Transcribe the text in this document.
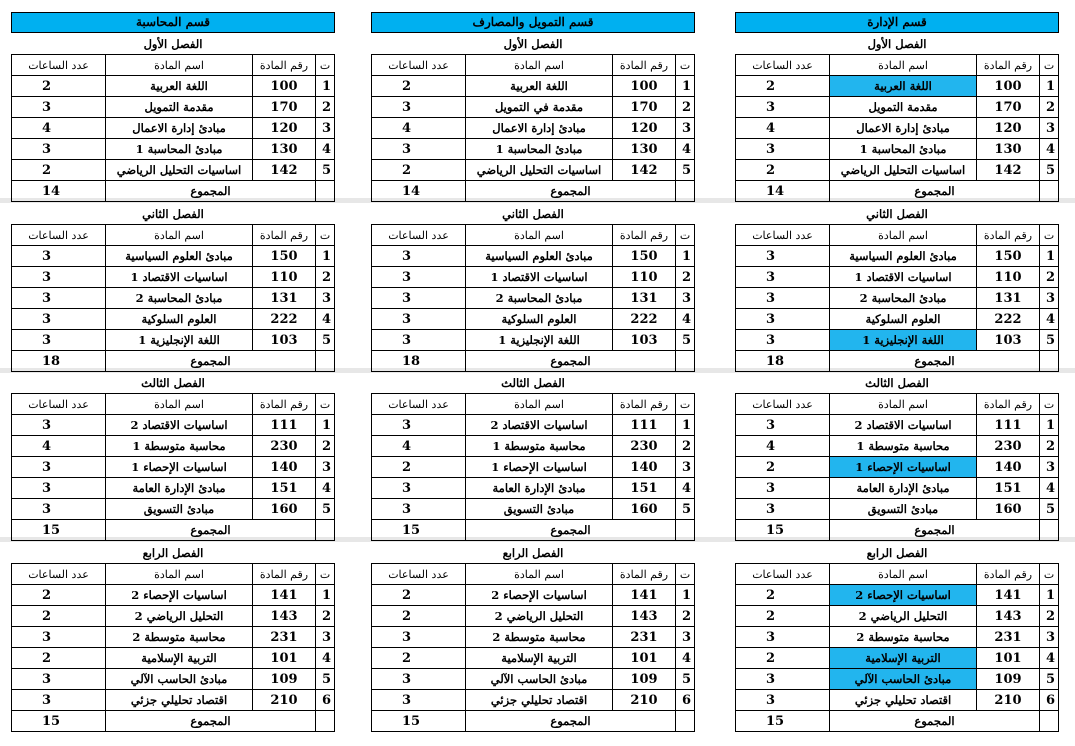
قسم الإدارة
الفصل الأول
ت	رقم المادة	اسم المادة	عدد الساعات
1	100	اللغة العربية	2
2	170	مقدمة التمويل	3
3	120	مبادئ إدارة الاعمال	4
4	130	مبادئ المحاسبة 1	3
5	142	اساسيات التحليل الرياضي	2
	المجموع		14
الفصل الثاني
ت	رقم المادة	اسم المادة	عدد الساعات
1	150	مبادئ العلوم السياسية	3
2	110	اساسيات الاقتصاد 1	3
3	131	مبادئ المحاسبة 2	3
4	222	العلوم السلوكية	3
5	103	اللغة الإنجليزية 1	3
	المجموع		18
الفصل الثالث
ت	رقم المادة	اسم المادة	عدد الساعات
1	111	اساسيات الاقتصاد 2	3
2	230	محاسبة متوسطة 1	4
3	140	اساسيات الإحصاء 1	2
4	151	مبادئ الإدارة العامة	3
5	160	مبادئ التسويق	3
	المجموع		15
الفصل الرابع
ت	رقم المادة	اسم المادة	عدد الساعات
1	141	اساسيات الإحصاء 2	2
2	143	التحليل الرياضي 2	2
3	231	محاسبة متوسطة 2	3
4	101	التربية الإسلامية	2
5	109	مبادئ الحاسب الآلي	3
6	210	اقتصاد تحليلي جزئي	3
	المجموع		15
قسم التمويل والمصارف
الفصل الأول
ت	رقم المادة	اسم المادة	عدد الساعات
1	100	اللغة العربية	2
2	170	مقدمة في التمويل	3
3	120	مبادئ إدارة الاعمال	4
4	130	مبادئ المحاسبة 1	3
5	142	اساسيات التحليل الرياضي	2
	المجموع		14
الفصل الثاني
ت	رقم المادة	اسم المادة	عدد الساعات
1	150	مبادئ العلوم السياسية	3
2	110	اساسيات الاقتصاد 1	3
3	131	مبادئ المحاسبة 2	3
4	222	العلوم السلوكية	3
5	103	اللغة الإنجليزية 1	3
	المجموع		18
الفصل الثالث
ت	رقم المادة	اسم المادة	عدد الساعات
1	111	اساسيات الاقتصاد 2	3
2	230	محاسبة متوسطة 1	4
3	140	اساسيات الإحصاء 1	2
4	151	مبادئ الإدارة العامة	3
5	160	مبادئ التسويق	3
	المجموع		15
الفصل الرابع
ت	رقم المادة	اسم المادة	عدد الساعات
1	141	اساسيات الإحصاء 2	2
2	143	التحليل الرياضي 2	2
3	231	محاسبة متوسطة 2	3
4	101	التربية الإسلامية	2
5	109	مبادئ الحاسب الآلي	3
6	210	اقتصاد تحليلي جزئي	3
	المجموع		15
قسم المحاسبة
الفصل الأول
ت	رقم المادة	اسم المادة	عدد الساعات
1	100	اللغة العربية	2
2	170	مقدمة التمويل	3
3	120	مبادئ إدارة الاعمال	4
4	130	مبادئ المحاسبة 1	3
5	142	اساسيات التحليل الرياضي	2
	المجموع		14
الفصل الثاني
ت	رقم المادة	اسم المادة	عدد الساعات
1	150	مبادئ العلوم السياسية	3
2	110	اساسيات الاقتصاد 1	3
3	131	مبادئ المحاسبة 2	3
4	222	العلوم السلوكية	3
5	103	اللغة الإنجليزية 1	3
	المجموع		18
الفصل الثالث
ت	رقم المادة	اسم المادة	عدد الساعات
1	111	اساسيات الاقتصاد 2	3
2	230	محاسبة متوسطة 1	4
3	140	اساسيات الإحصاء 1	3
4	151	مبادئ الإدارة العامة	3
5	160	مبادئ التسويق	3
	المجموع		15
الفصل الرابع
ت	رقم المادة	اسم المادة	عدد الساعات
1	141	اساسيات الإحصاء 2	2
2	143	التحليل الرياضي 2	2
3	231	محاسبة متوسطة 2	3
4	101	التربية الإسلامية	2
5	109	مبادئ الحاسب الآلي	3
6	210	اقتصاد تحليلي جزئي	3
	المجموع		15
